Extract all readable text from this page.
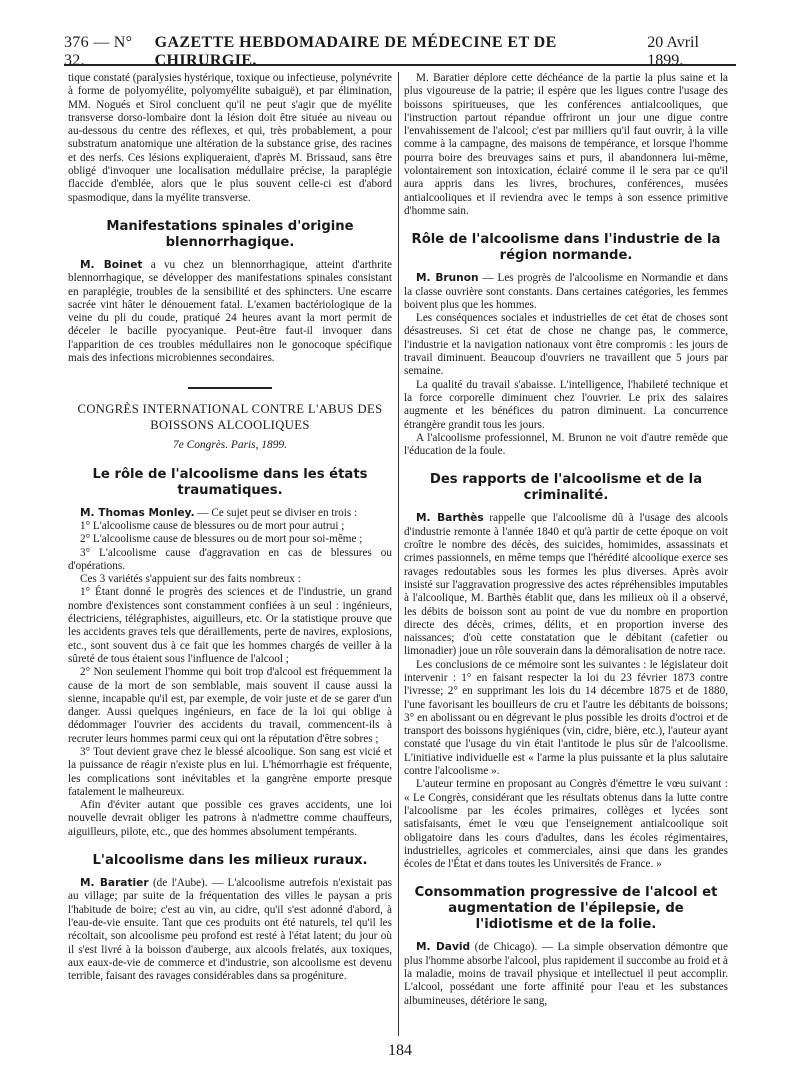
376 — N° 32.
GAZETTE HEBDOMADAIRE DE MÉDECINE ET DE CHIRURGIE.
20 Avril 1899.

tique constaté (paralysies hystérique, toxique ou infectieuse, polynévrite à forme de polyomyélite, polyomyélite subaiguë), et par élimination, MM. Nogués et Sirol concluent qu'il ne peut s'agir que de myélite transverse dorso-lombaire dont la lésion doit être située au niveau ou au-dessous du centre des réflexes, et qui, très probablement, a pour substratum anatomique une altération de la substance grise, des racines et des nerfs. Ces lésions expliqueraient, d'après M. Brissaud, sans être obligé d'invoquer une localisation médullaire précise, la paraplégie flaccide d'emblée, alors que le plus souvent celle-ci est d'abord spasmodique, dans la myélite transverse.

Manifestations spinales d'origine blennorrhagique.

M. Boinet a vu chez un blennorrhagique, atteint d'arthrite blennorrhagique, se développer des manifestations spinales consistant en paraplégie, troubles de la sensibilité et des sphincters. Une escarre sacrée vint hâter le dénouement fatal. L'examen bactériologique de la veine du pli du coude, pratiqué 24 heures avant la mort permit de déceler le bacille pyocyanique. Peut-être faut-il invoquer dans l'apparition de ces troubles médullaires non le gonocoque spécifique mais des infections microbiennes secondaires.

CONGRÈS INTERNATIONAL CONTRE L'ABUS DES BOISSONS ALCOOLIQUES
7e Congrès. Paris, 1899.
Le rôle de l'alcoolisme dans les états traumatiques.

M. Thomas Monley. — Ce sujet peut se diviser en trois :

1° L'alcoolisme cause de blessures ou de mort pour autrui ;

2° L'alcoolisme cause de blessures ou de mort pour soi-même ;

3° L'alcoolisme cause d'aggravation en cas de blessures ou d'opérations.

Ces 3 variétés s'appuient sur des faits nombreux :

1° Étant donné le progrès des sciences et de l'industrie, un grand nombre d'existences sont constamment confiées à un seul : ingénieurs, électriciens, télégraphistes, aiguilleurs, etc. Or la statistique prouve que les accidents graves tels que déraillements, perte de navires, explosions, etc., sont souvent dus à ce fait que les hommes chargés de veiller à la sûreté de tous étaient sous l'influence de l'alcool ;

2° Non seulement l'homme qui boit trop d'alcool est fréquemment la cause de la mort de son semblable, mais souvent il cause aussi la sienne, incapable qu'il est, par exemple, de voir juste et de se garer d'un danger. Aussi quelques ingénieurs, en face de la loi qui oblige à dédommager l'ouvrier des accidents du travail, commencent-ils à recruter leurs hommes parmi ceux qui ont la réputation d'être sobres ;

3° Tout devient grave chez le blessé alcoolique. Son sang est vicié et la puissance de réagir n'existe plus en lui. L'hémorrhagie est fréquente, les complications sont inévitables et la gangrène emporte presque fatalement le malheureux.

Afin d'éviter autant que possible ces graves accidents, une loi nouvelle devrait obliger les patrons à n'admettre comme chauffeurs, aiguilleurs, pilote, etc., que des hommes absolument tempérants.

L'alcoolisme dans les milieux ruraux.

M. Baratier (de l'Aube). — L'alcoolisme autrefois n'existait pas au village; par suite de la fréquentation des villes le paysan a pris l'habitude de boire; c'est au vin, au cidre, qu'il s'est adonné d'abord, à l'eau-de-vie ensuite. Tant que ces produits ont été naturels, tel qu'il les récoltait, son alcoolisme peu profond est resté à l'état latent; du jour où il s'est livré à la boisson d'auberge, aux alcools frelatés, aux toxiques, aux eaux-de-vie de commerce et d'industrie, son alcoolisme est devenu terrible, faisant des ravages considérables dans sa progéniture.

M. Baratier déplore cette déchéance de la partie la plus saine et la plus vigoureuse de la patrie; il espère que les ligues contre l'usage des boissons spiritueuses, que les conférences antialcooliques, que l'instruction partout répandue offriront un jour une digue contre l'envahissement de l'alcool; c'est par milliers qu'il faut ouvrir, à la ville comme à la campagne, des maisons de tempérance, et lorsque l'homme pourra boire des breuvages sains et purs, il abandonnera lui-même, volontairement son intoxication, éclairé comme il le sera par ce qu'il aura appris dans les livres, brochures, conférences, musées antialcooliques et il reviendra avec le temps à son essence primitive d'homme sain.

Rôle de l'alcoolisme dans l'industrie de la région normande.

M. Brunon — Les progrès de l'alcoolisme en Normandie et dans la classe ouvrière sont constants. Dans certaines catégories, les femmes boivent plus que les hommes.

Les conséquences sociales et industrielles de cet état de choses sont désastreuses. Si cet état de chose ne change pas, le commerce, l'industrie et la navigation nationaux vont être compromis : les jours de travail diminuent. Beaucoup d'ouvriers ne travaillent que 5 jours par semaine.

La qualité du travail s'abaisse. L'intelligence, l'habileté technique et la force corporelle diminuent chez l'ouvrier. Le prix des salaires augmente et les bénéfices du patron diminuent. La concurrence étrangère grandit tous les jours.

A l'alcoolisme professionnel, M. Brunon ne voit d'autre remède que l'éducation de la foule.

Des rapports de l'alcoolisme et de la criminalité.

M. Barthès rappelle que l'alcoolisme dû à l'usage des alcools d'industrie remonte à l'année 1840 et qu'à partir de cette époque on voit croître le nombre des décès, des suicides, homimides, assassinats et crimes passionnels, en même temps que l'hérédité alcoolique exerce ses ravages redoutables sous les formes les plus diverses. Après avoir insisté sur l'aggravation progressive des actes répréhensibles imputables à l'alcoolique, M. Barthès établit que, dans les milieux où il a observé, les débits de boisson sont au point de vue du nombre en proportion directe des décès, crimes, délits, et en proportion inverse des naissances; d'où cette constatation que le débitant (cafetier ou limonadier) joue un rôle souverain dans la démoralisation de notre race.

Les conclusions de ce mémoire sont les suivantes : le législateur doit intervenir : 1° en faisant respecter la loi du 23 février 1873 contre l'ivresse; 2° en supprimant les lois du 14 décembre 1875 et de 1880, l'une favorisant les bouilleurs de cru et l'autre les débitants de boissons; 3° en abolissant ou en dégrevant le plus possible les droits d'octroi et de transport des boissons hygiéniques (vin, cidre, bière, etc.), l'auteur ayant constaté que l'usage du vin était l'antitode le plus sûr de l'alcoolisme. L'initiative individuelle est « l'arme la plus puissante et la plus salutaire contre l'alcoolisme ».

L'auteur termine en proposant au Congrès d'émettre le vœu suivant : « Le Congrès, considérant que les résultats obtenus dans la lutte contre l'alcoolisme par les écoles primaires, collèges et lycées sont satisfaisants, émet le vœu que l'enseignement antialcoolique soit obligatoire dans les cours d'adultes, dans les écoles régimentaires, industrielles, agricoles et commerciales, ainsi que dans les grandes écoles de l'État et dans toutes les Universités de France. »

Consommation progressive de l'alcool et augmentation de l'épilepsie, de l'idiotisme et de la folie.

M. David (de Chicago). — La simple observation démontre que plus l'homme absorbe l'alcool, plus rapidement il succombe au froid et à la maladie, moins de travail physique et intellectuel il peut accomplir. L'alcool, possédant une forte affinité pour l'eau et les substances albumineuses, détériore le sang,

184
